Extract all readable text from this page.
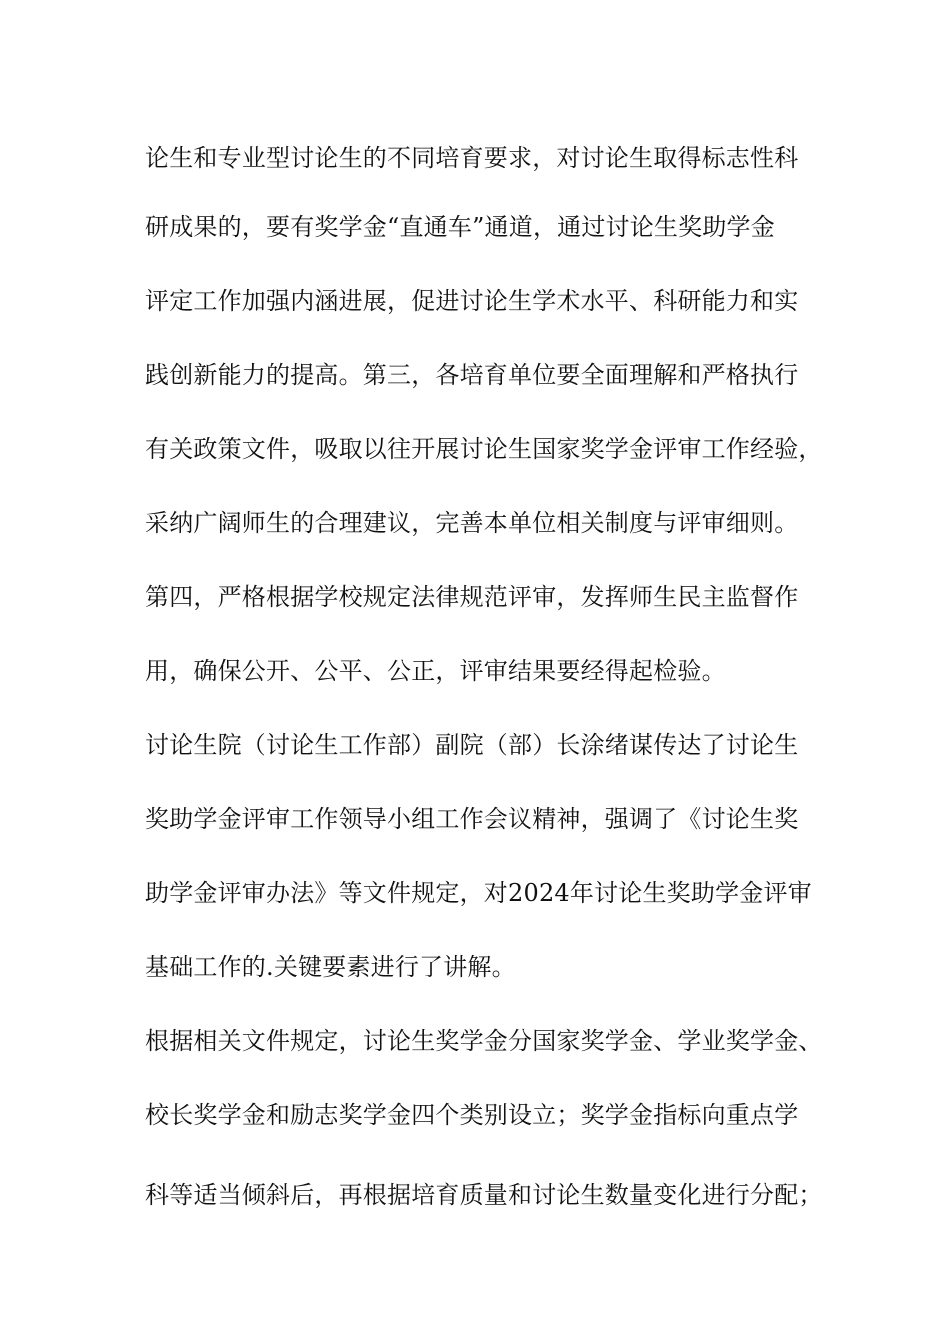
论生和专业型讨论生的不同培育要求，对讨论生取得标志性科
研成果的，要有奖学金“直通车”通道，通过讨论生奖助学金
评定工作加强内涵进展，促进讨论生学术水平、科研能力和实
践创新能力的提高。第三，各培育单位要全面理解和严格执行
有关政策文件，吸取以往开展讨论生国家奖学金评审工作经验，
采纳广阔师生的合理建议，完善本单位相关制度与评审细则。
第四，严格根据学校规定法律规范评审，发挥师生民主监督作
用，确保公开、公平、公正，评审结果要经得起检验。
讨论生院（讨论生工作部）副院（部）长涂绪谋传达了讨论生
奖助学金评审工作领导小组工作会议精神，强调了《讨论生奖
助学金评审办法》等文件规定，对2024年讨论生奖助学金评审
基础工作的.关键要素进行了讲解。
根据相关文件规定，讨论生奖学金分国家奖学金、学业奖学金、
校长奖学金和励志奖学金四个类别设立；奖学金指标向重点学
科等适当倾斜后，再根据培育质量和讨论生数量变化进行分配；
